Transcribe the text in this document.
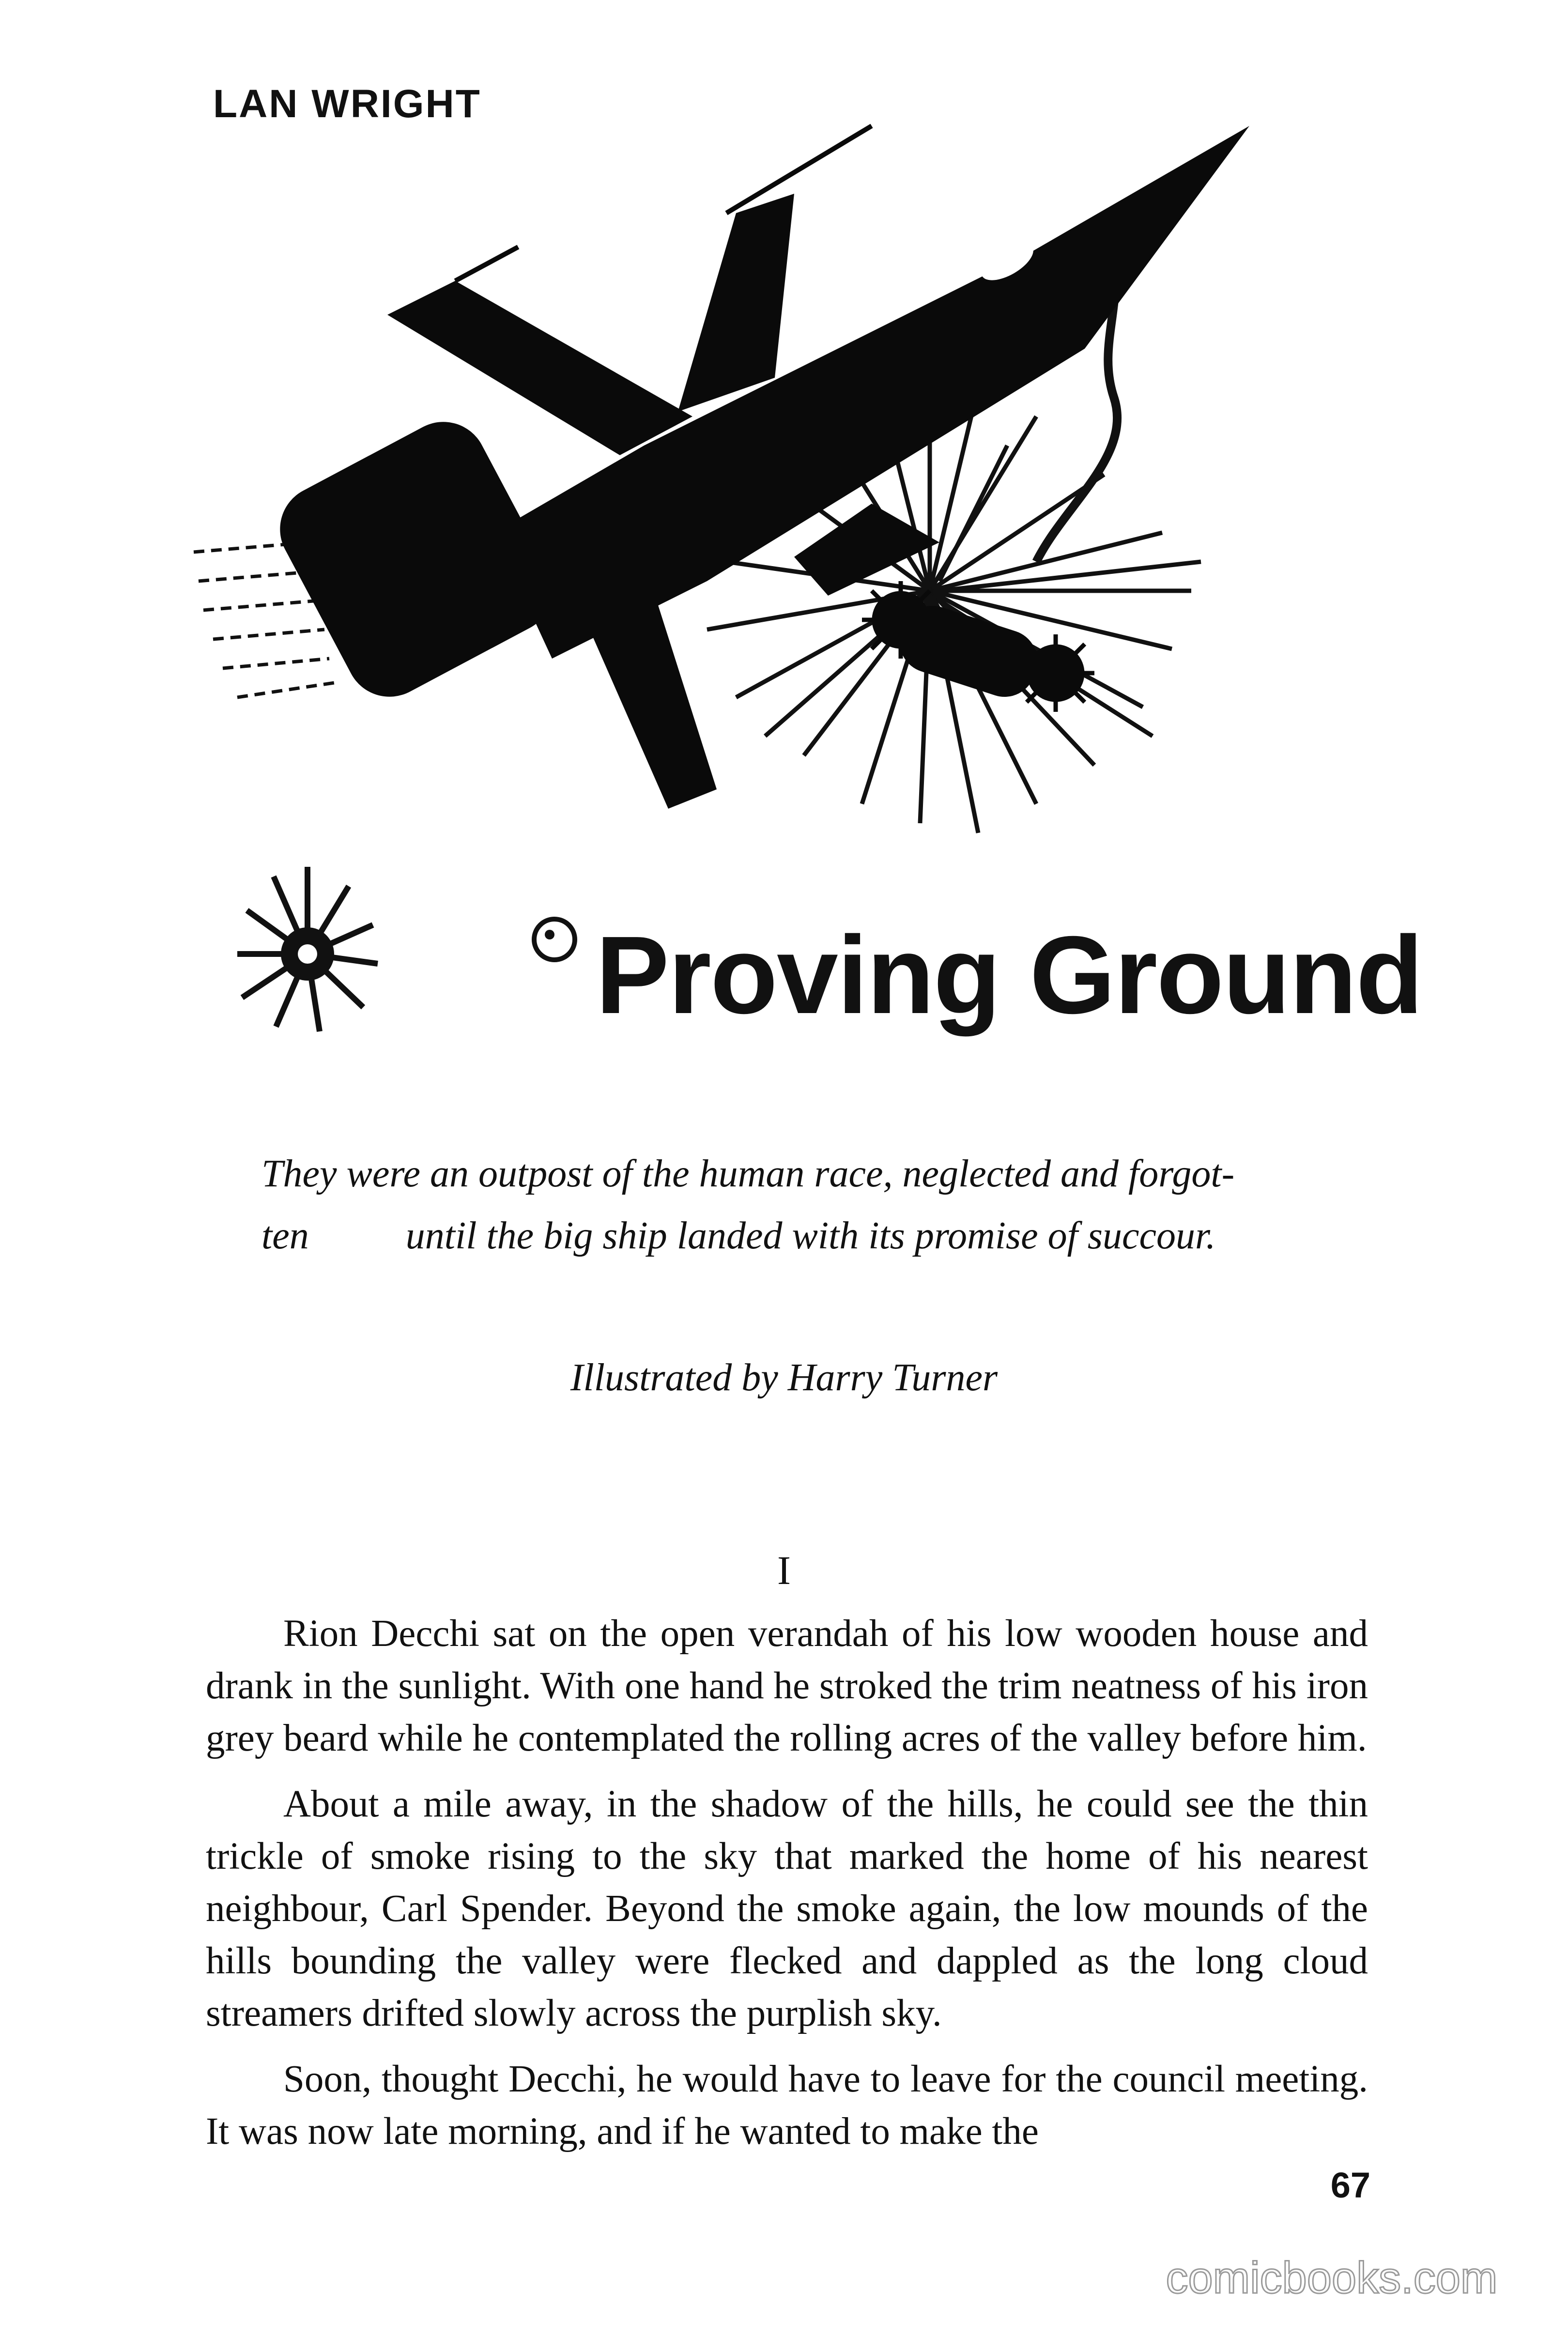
LAN WRIGHT

Proving Ground

They were an outpost of the human race, neglected and forgot-
ten	until the big ship landed with its promise of succour.

Illustrated by Harry Turner

I

Rion Decchi sat on the open verandah of his low wooden house and drank in the sunlight. With one hand he stroked the trim neatness of his iron grey beard while he contemplated the rolling acres of the valley before him.

About a mile away, in the shadow of the hills, he could see the thin trickle of smoke rising to the sky that marked the home of his nearest neighbour, Carl Spender. Beyond the smoke again, the low mounds of the hills bounding the valley were flecked and dappled as the long cloud streamers drifted slowly across the purplish sky.

Soon, thought Decchi, he would have to leave for the council meeting. It was now late morning, and if he wanted to make the

67

comicbooks.com
